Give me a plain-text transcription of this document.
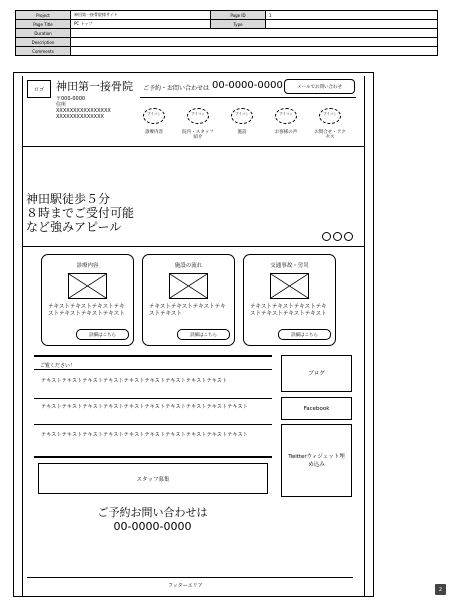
Project	神田第一接骨院様サイト	Page ID	1
Page Title	PC トップ	Type	
Duration			
Description			
Comments			
ロゴ	神田第一接骨院
〒000-0000
住所
XXXXXXXXXXXXXXXX
XXXXXXXXXXXXXX
ご予約・お問い合わせは 00-0000-0000	メールでお問い合わせ
アイコン
診療内容
アイコン
院内・スタッフ紹介
アイコン
施設
アイコン
お客様の声
アイコン
お問合せ・アクセス
神田駅徒歩５分
８時までご受付可能
など強みアピール
診療内容
テキストテキストテキストテキストテキストテキストテキスト
詳細はこちら
施設の流れ
テキストテキストテキストテキストテキスト
詳細はこちら
交通事故・労災
テキストテキストテキストテキストテキストテキストテキスト
詳細はこちら
ご覧ください！
テキストテキストテキストテキストテキストテキストテキストテキストテキスト
テキストテキストテキストテキストテキストテキストテキストテキストテキストテキスト
テキストテキストテキストテキストテキストテキストテキストテキストテキストテキスト
スタッフ募集
ご予約お問い合わせは
00-0000-0000
ブログ
Facebook
Twitterウィジェット埋め込み
フッターエリア
2
